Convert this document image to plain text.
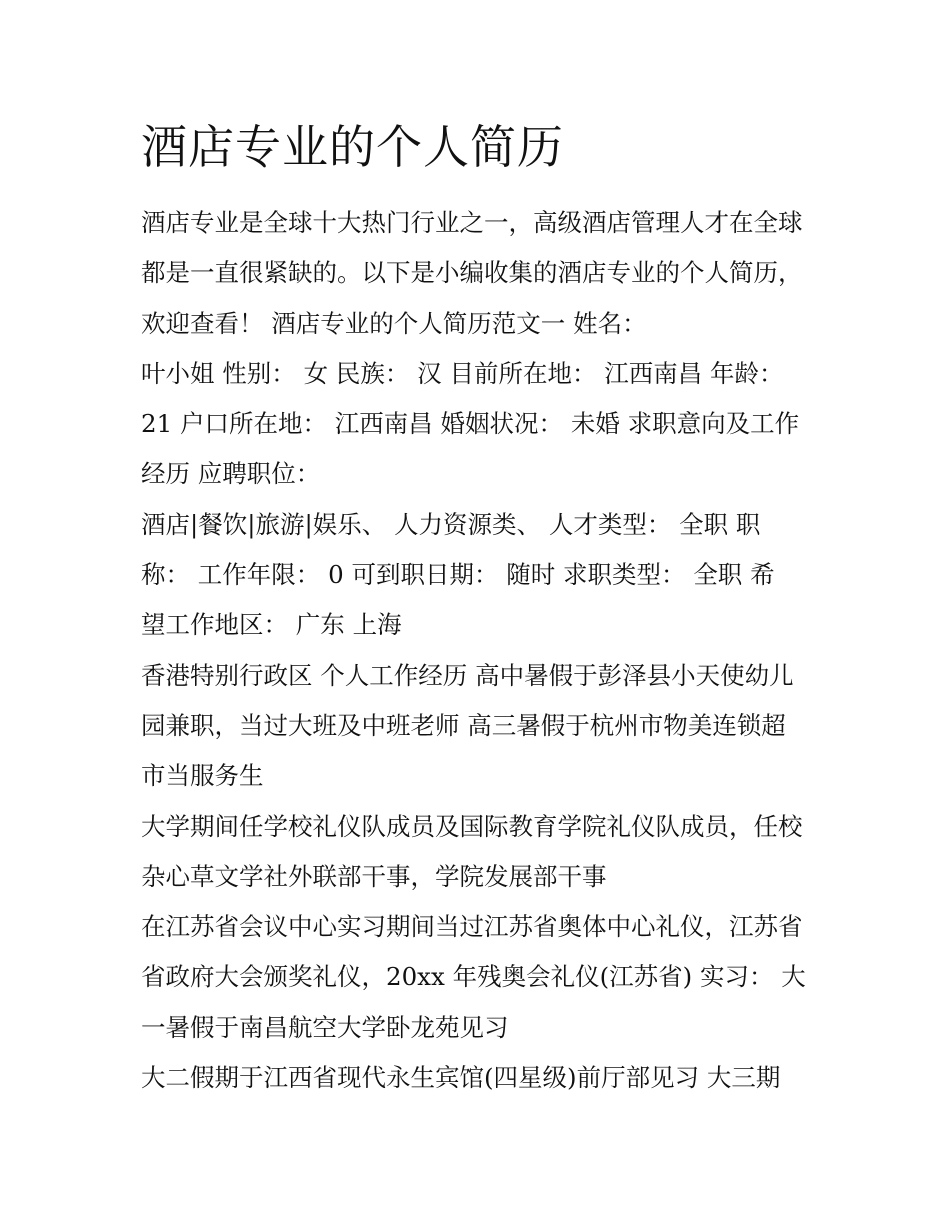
酒店专业的个人简历
酒店专业是全球十大热门行业之一，高级酒店管理人才在全球
都是一直很紧缺的。以下是小编收集的酒店专业的个人简历，
欢迎查看！ 酒店专业的个人简历范文一 姓名：
叶小姐 性别： 女 民族： 汉 目前所在地： 江西南昌 年龄：
21 户口所在地： 江西南昌 婚姻状况： 未婚 求职意向及工作
经历 应聘职位：
酒店|餐饮|旅游|娱乐、 人力资源类、 人才类型： 全职 职
称： 工作年限： 0 可到职日期： 随时 求职类型： 全职 希
望工作地区： 广东 上海
香港特别行政区 个人工作经历 高中暑假于彭泽县小天使幼儿
园兼职，当过大班及中班老师 高三暑假于杭州市物美连锁超
市当服务生
大学期间任学校礼仪队成员及国际教育学院礼仪队成员，任校
杂心草文学社外联部干事，学院发展部干事
在江苏省会议中心实习期间当过江苏省奥体中心礼仪，江苏省
省政府大会颁奖礼仪，20xx 年残奥会礼仪(江苏省) 实习： 大
一暑假于南昌航空大学卧龙苑见习
大二假期于江西省现代永生宾馆(四星级)前厅部见习 大三期
